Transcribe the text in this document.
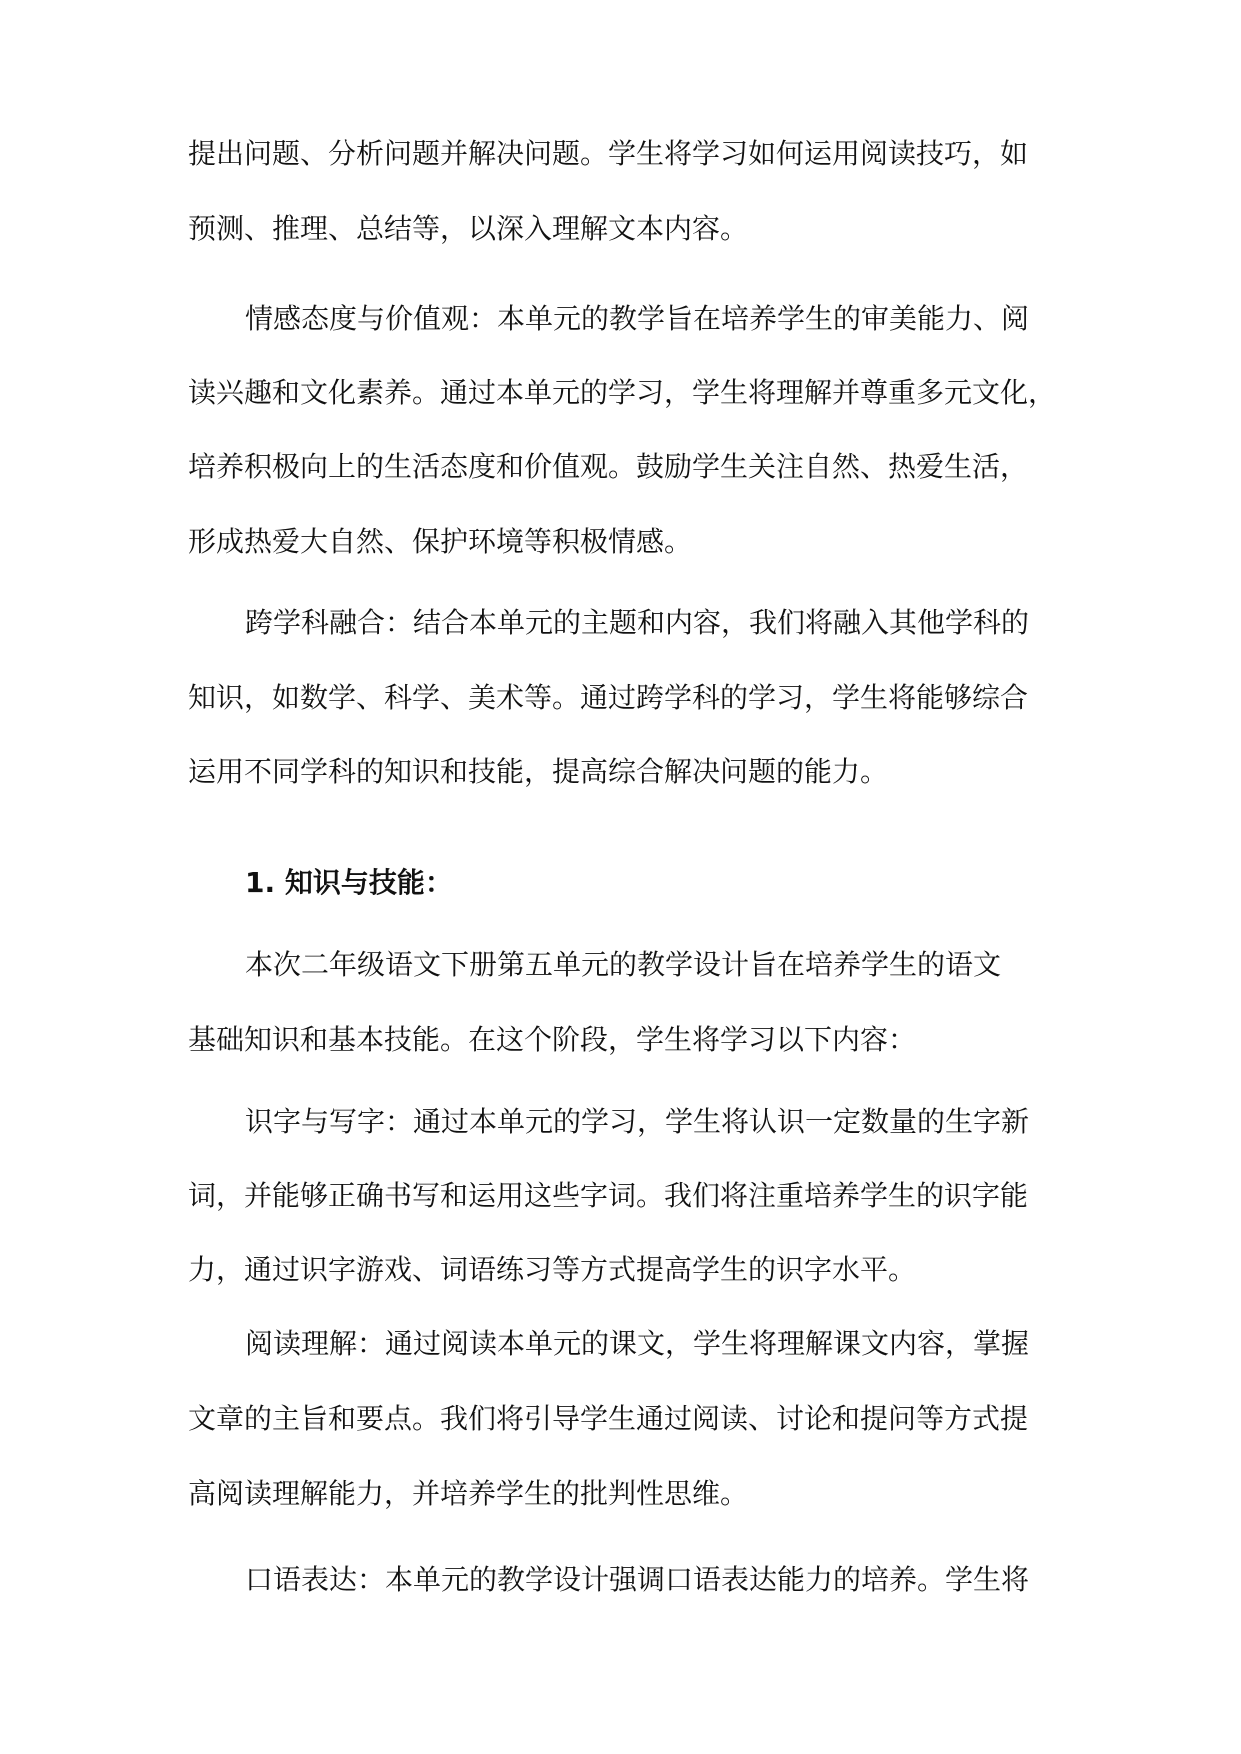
提出问题、分析问题并解决问题。学生将学习如何运用阅读技巧，如
预测、推理、总结等，以深入理解文本内容。
情感态度与价值观：本单元的教学旨在培养学生的审美能力、阅
读兴趣和文化素养。通过本单元的学习，学生将理解并尊重多元文化，
培养积极向上的生活态度和价值观。鼓励学生关注自然、热爱生活，
形成热爱大自然、保护环境等积极情感。
跨学科融合：结合本单元的主题和内容，我们将融入其他学科的
知识，如数学、科学、美术等。通过跨学科的学习，学生将能够综合
运用不同学科的知识和技能，提高综合解决问题的能力。
1. 知识与技能：
本次二年级语文下册第五单元的教学设计旨在培养学生的语文
基础知识和基本技能。在这个阶段，学生将学习以下内容：
识字与写字：通过本单元的学习，学生将认识一定数量的生字新
词，并能够正确书写和运用这些字词。我们将注重培养学生的识字能
力，通过识字游戏、词语练习等方式提高学生的识字水平。
阅读理解：通过阅读本单元的课文，学生将理解课文内容，掌握
文章的主旨和要点。我们将引导学生通过阅读、讨论和提问等方式提
高阅读理解能力，并培养学生的批判性思维。
口语表达：本单元的教学设计强调口语表达能力的培养。学生将
